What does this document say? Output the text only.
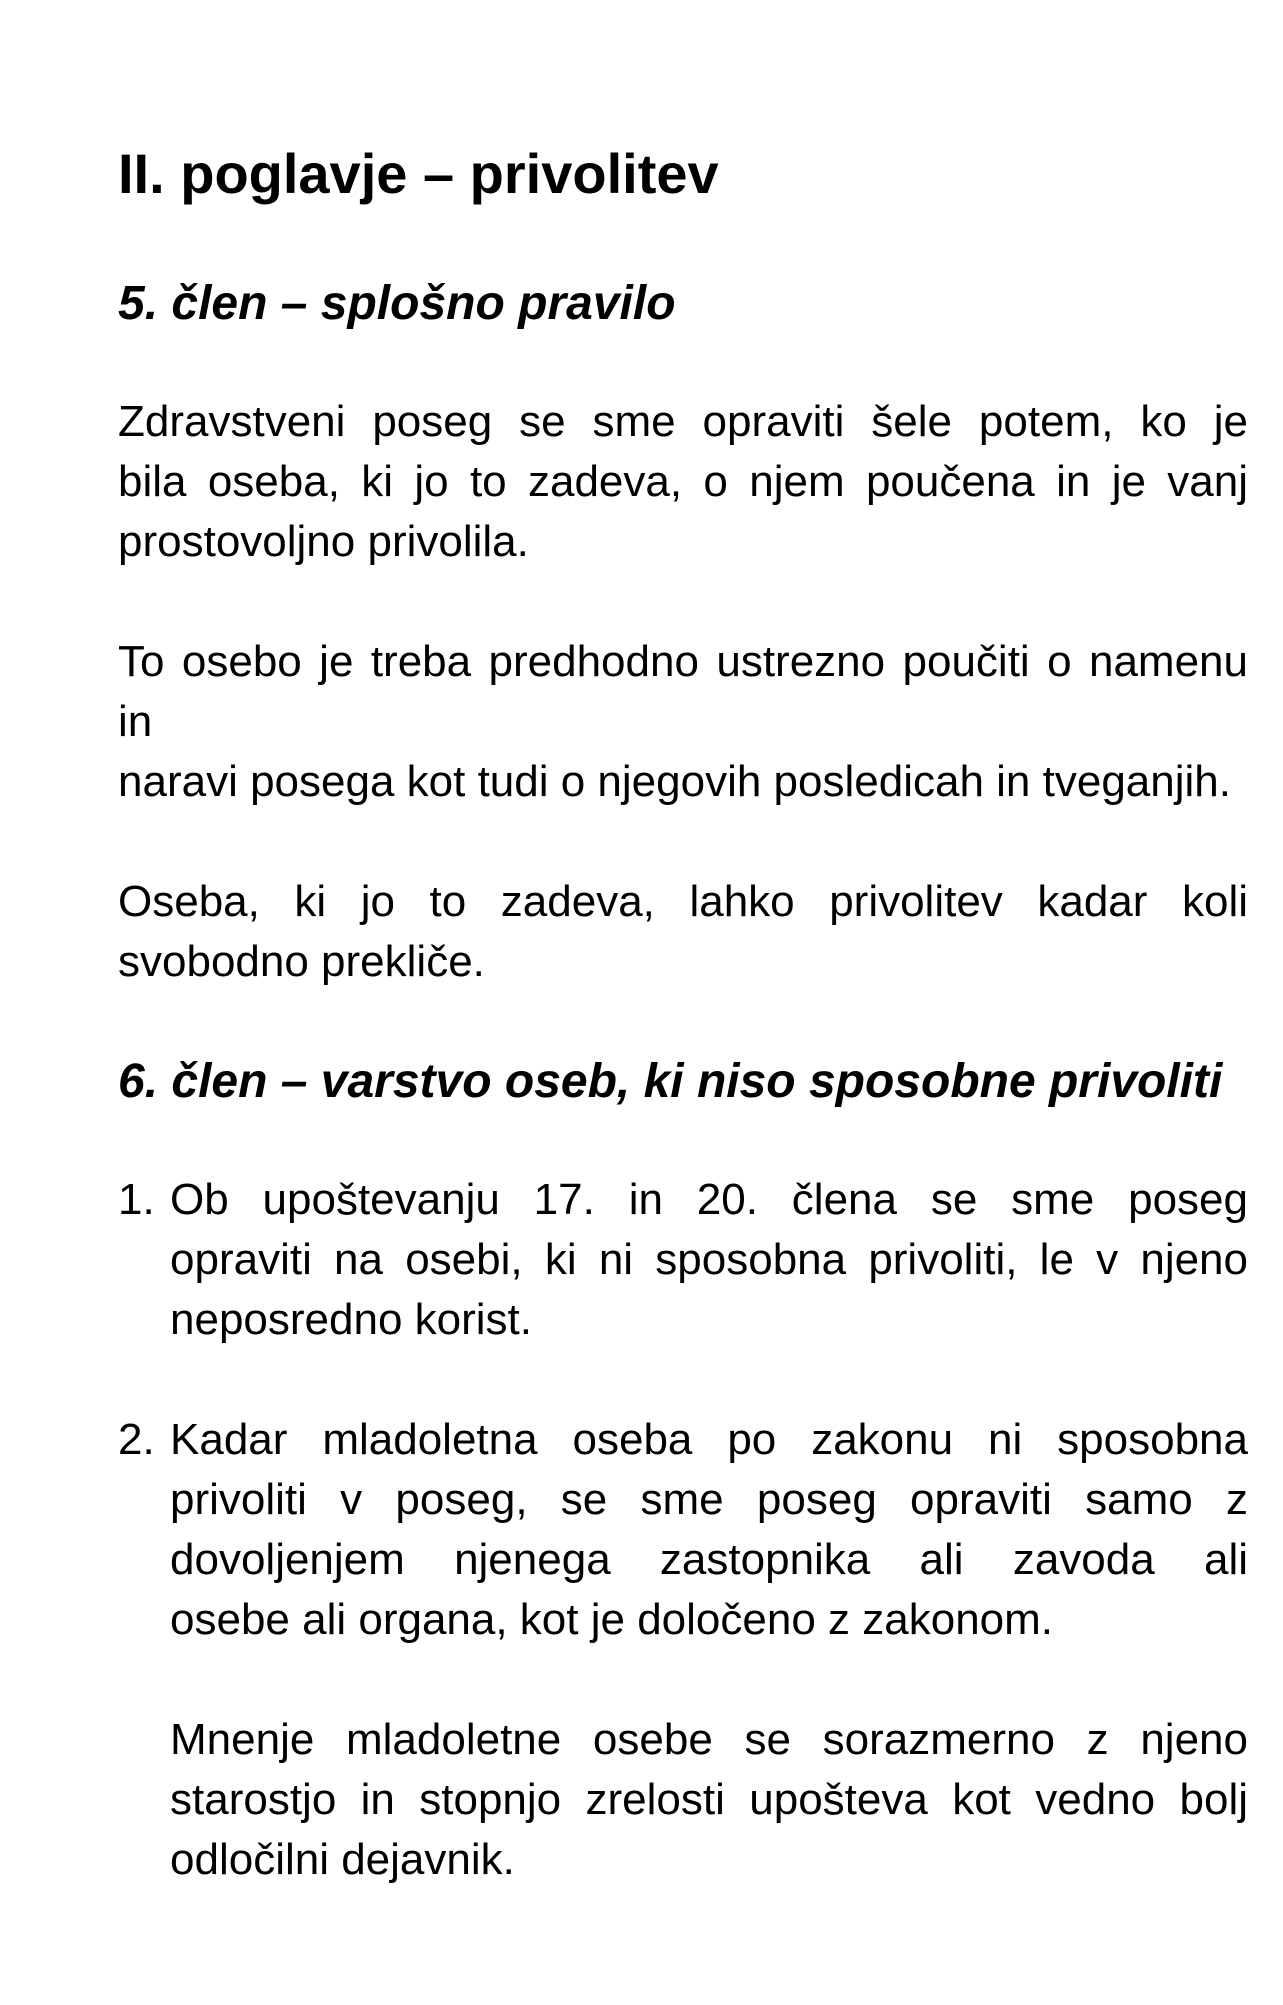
II. poglavje – privolitev
5. člen – splošno pravilo
Zdravstveni poseg se sme opraviti šele potem, ko je
bila oseba, ki jo to zadeva, o njem poučena in je vanj
prostovoljno privolila.
To osebo je treba predhodno ustrezno poučiti o namenu in
naravi posega kot tudi o njegovih posledicah in tveganjih.
Oseba, ki jo to zadeva, lahko privolitev kadar koli
svobodno prekliče.
6. člen – varstvo oseb, ki niso sposobne privoliti
1. Ob upoštevanju 17. in 20. člena se sme poseg
opraviti na osebi, ki ni sposobna privoliti, le v njeno
neposredno korist.
2. Kadar mladoletna oseba po zakonu ni sposobna
privoliti v poseg, se sme poseg opraviti samo z
dovoljenjem njenega zastopnika ali zavoda ali
osebe ali organa, kot je določeno z zakonom.
Mnenje mladoletne osebe se sorazmerno z njeno
starostjo in stopnjo zrelosti upošteva kot vedno bolj
odločilni dejavnik.
